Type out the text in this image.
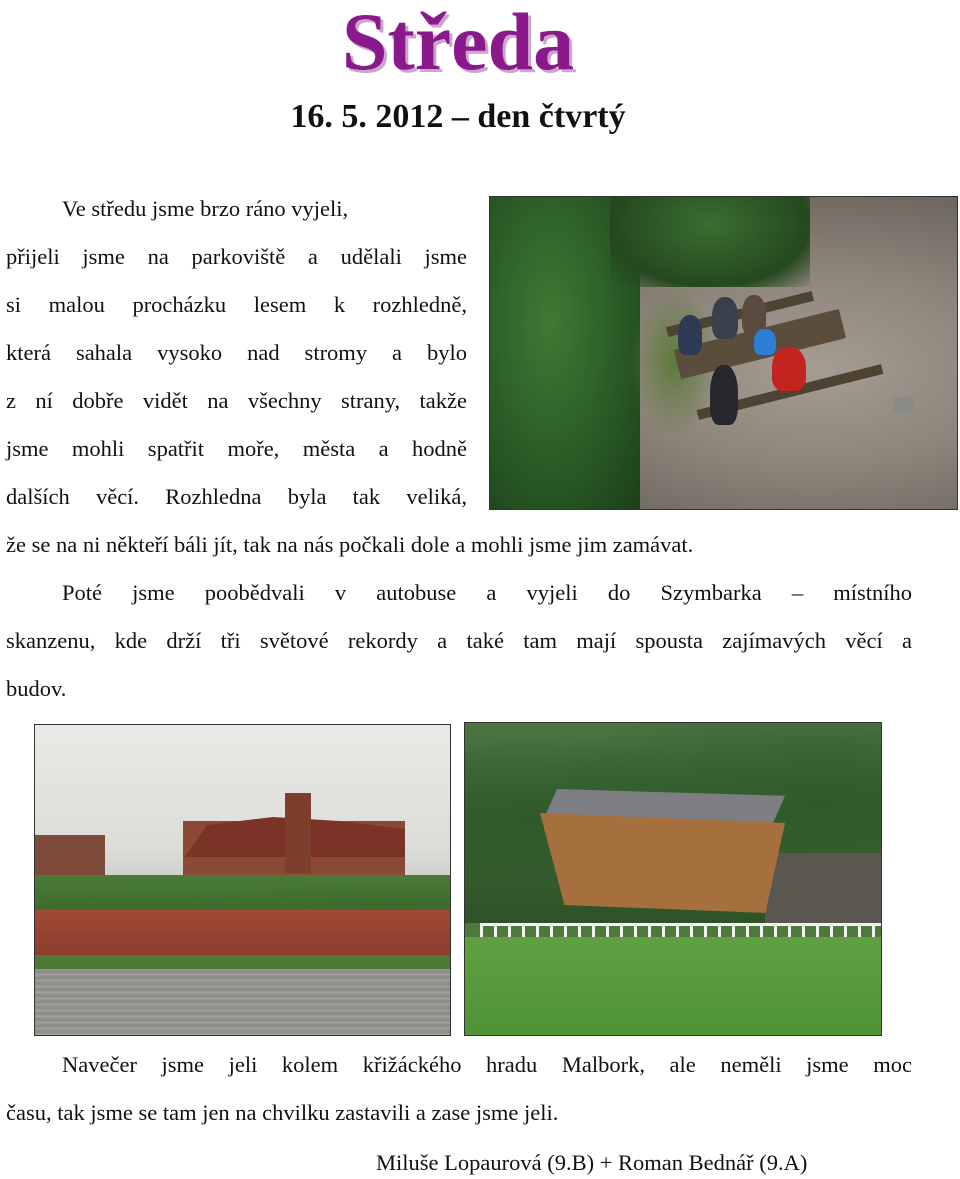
Středa
16. 5. 2012 – den čtvrtý

Ve středu jsme brzo ráno vyjeli,

přijeli jsme na parkoviště a udělali jsme

si malou procházku lesem k rozhledně,

která sahala vysoko nad stromy a bylo

z ní dobře vidět na všechny strany, takže

jsme mohli spatřit moře, města a hodně

dalších věcí. Rozhledna byla tak veliká,

že se na ni někteří báli jít, tak na nás počkali dole a mohli jsme jim zamávat.

Poté jsme poobědvali v autobuse a vyjeli do Szymbarka – místního

skanzenu, kde drží tři světové rekordy a také tam mají spousta zajímavých věcí a

budov.

Navečer jsme jeli kolem křižáckého hradu Malbork, ale neměli jsme moc

času, tak jsme se tam jen na chvilku zastavili a zase jsme jeli.

Miluše Lopaurová (9.B) + Roman Bednář (9.A)
